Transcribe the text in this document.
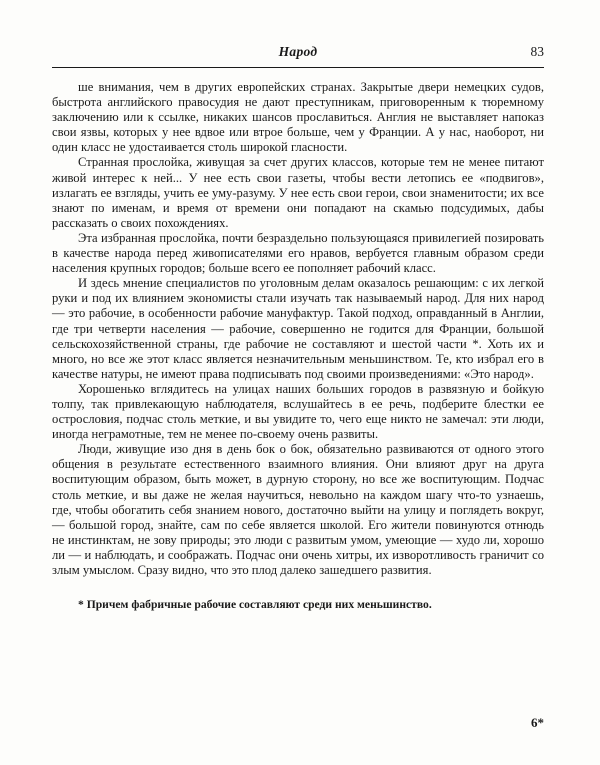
Народ	83

ше внимания, чем в других европейских странах. Закрытые двери немецких судов, быстрота английского правосудия не дают преступникам, приговоренным к тюремному заключению или к ссылке, никаких шансов прославиться. Англия не выставляет напоказ свои язвы, которых у нее вдвое или втрое больше, чем у Франции. А у нас, наоборот, ни один класс не удостаивается столь широкой гласности.

Странная прослойка, живущая за счет других классов, которые тем не менее питают живой интерес к ней... У нее есть свои газеты, чтобы вести летопись ее «подвигов», излагать ее взгляды, учить ее уму-разуму. У нее есть свои герои, свои знаменитости; их все знают по именам, и время от времени они попадают на скамью подсудимых, дабы рассказать о своих похождениях.

Эта избранная прослойка, почти безраздельно пользующаяся привилегией позировать в качестве народа перед живописателями его нравов, вербуется главным образом среди населения крупных городов; больше всего ее пополняет рабочий класс.

И здесь мнение специалистов по уголовным делам оказалось решающим: с их легкой руки и под их влиянием экономисты стали изучать так называемый народ. Для них народ — это рабочие, в особенности рабочие мануфактур. Такой подход, оправданный в Англии, где три четверти населения — рабочие, совершенно не годится для Франции, большой сельскохозяйственной страны, где рабочие не составляют и шестой части *. Хоть их и много, но все же этот класс является незначительным меньшинством. Те, кто избрал его в качестве натуры, не имеют права подписывать под своими произведениями: «Это народ».

Хорошенько вглядитесь на улицах наших больших городов в развязную и бойкую толпу, так привлекающую наблюдателя, вслушайтесь в ее речь, подберите блестки ее острословия, подчас столь меткие, и вы увидите то, чего еще никто не замечал: эти люди, иногда неграмотные, тем не менее по-своему очень развиты.

Люди, живущие изо дня в день бок о бок, обязательно развиваются от одного этого общения в результате естественного взаимного влияния. Они влияют друг на друга воспитующим образом, быть может, в дурную сторону, но все же воспитующим. Подчас столь меткие, и вы даже не желая научиться, невольно на каждом шагу что-то узнаешь, где, чтобы обогатить себя знанием нового, достаточно выйти на улицу и поглядеть вокруг,— большой город, знайте, сам по себе является школой. Его жители повинуются отнюдь не инстинктам, не зову природы; это люди с развитым умом, умеющие — худо ли, хорошо ли — и наблюдать, и соображать. Подчас они очень хитры, их изворотливость граничит со злым умыслом. Сразу видно, что это плод далеко зашедшего развития.

* Причем фабричные рабочие составляют среди них меньшинство.
6*
